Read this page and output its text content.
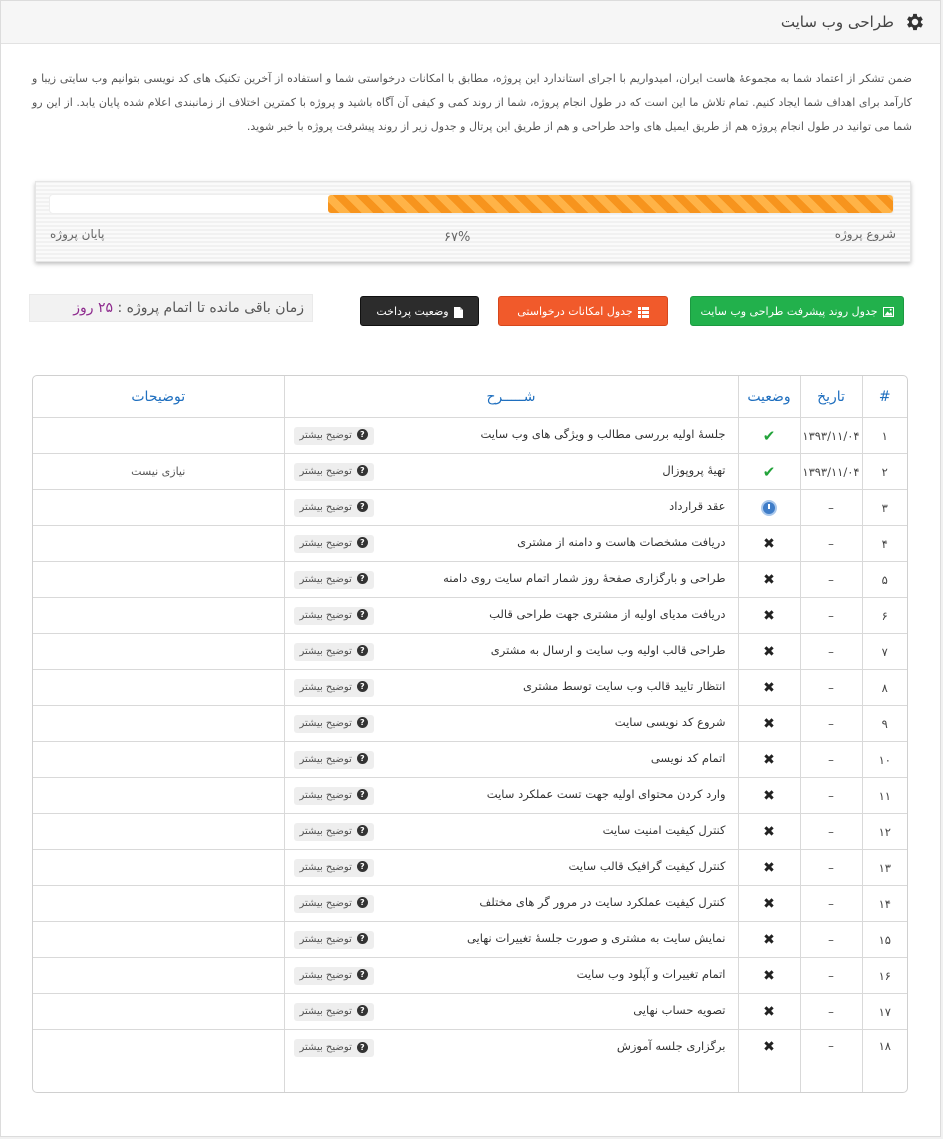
طراحی وب سایت

ضمن تشکر از اعتماد شما به مجموعهٔ هاست ایران، امیدواریم با اجرای استاندارد این پروژه، مطابق با امکانات درخواستی شما و استفاده از آخرین تکنیک های کد نویسی بتوانیم وب سایتی زیبا و کارآمد برای اهداف شما ایجاد کنیم. تمام تلاش ما این است که در طول انجام پروژه، شما از روند کمی و کیفی آن آگاه باشید و پروژه با کمترین اختلاف از زمانبندی اعلام شده پایان یابد. از این رو شما می توانید در طول انجام پروژه هم از طریق ایمیل های واحد طراحی و هم از طریق این پرتال و جدول زیر از روند پیشرفت پروژه با خبر شوید.

شروع پروژه
۶۷%
پایان پروژه
جدول روند پیشرفت طراحی وب سایت
جدول امکانات درخواستی
وضعیت پرداخت
زمان باقی مانده تا اتمام پروژه : ۲۵ روز
#	تاریخ	وضعیت	شـــــرح	توضیحات
۱	۱۳۹۳/۱۱/۰۴	✔	جلسهٔ اولیه بررسی مطالب و ویژگی های وب سایت
?توضیح بیشتر	

۲	۱۳۹۳/۱۱/۰۴	✔	تهیهٔ پروپوزال
?توضیح بیشتر	نیازی نیست
۳	–		عقد قرارداد
?توضیح بیشتر	

۴	–	✖	دریافت مشخصات هاست و دامنه از مشتری
?توضیح بیشتر	

۵	–	✖	طراحی و بارگزاری صفحهٔ روز شمار اتمام سایت روی دامنه
?توضیح بیشتر	

۶	–	✖	دریافت مدیای اولیه از مشتری جهت طراحی قالب
?توضیح بیشتر	

۷	–	✖	طراحی قالب اولیه وب سایت و ارسال به مشتری
?توضیح بیشتر	

۸	–	✖	انتظار تایید قالب وب سایت توسط مشتری
?توضیح بیشتر	

۹	–	✖	شروع کد نویسی سایت
?توضیح بیشتر	

۱۰	–	✖	اتمام کد نویسی
?توضیح بیشتر	

۱۱	–	✖	وارد کردن محتوای اولیه جهت تست عملکرد سایت
?توضیح بیشتر	

۱۲	–	✖	کنترل کیفیت امنیت سایت
?توضیح بیشتر	

۱۳	–	✖	کنترل کیفیت گرافیک قالب سایت
?توضیح بیشتر	

۱۴	–	✖	کنترل کیفیت عملکرد سایت در مرور گر های مختلف
?توضیح بیشتر	

۱۵	–	✖	نمایش سایت به مشتری و صورت جلسهٔ تغییرات نهایی
?توضیح بیشتر	

۱۶	–	✖	اتمام تغییرات و آپلود وب سایت
?توضیح بیشتر	

۱۷	–	✖	تصویه حساب نهایی
?توضیح بیشتر	

۱۸	–	✖	برگزاری جلسه آموزش
?توضیح بیشتر	
